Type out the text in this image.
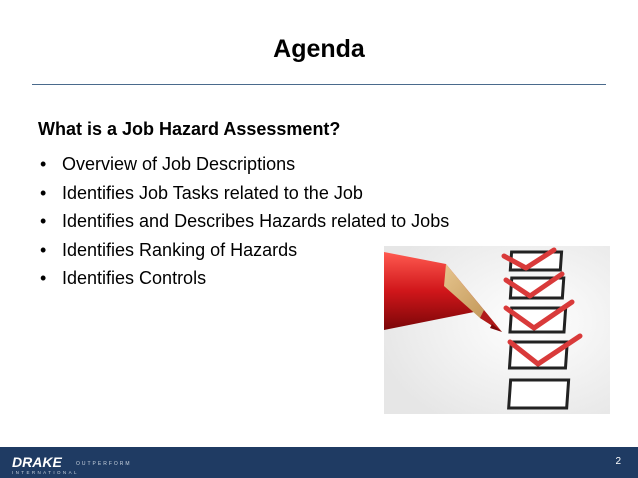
Agenda
What is a Job Hazard Assessment?
• Overview of Job Descriptions
• Identifies Job Tasks related to the Job
• Identifies and Describes Hazards related to Jobs
• Identifies Ranking of Hazards
• Identifies Controls
DRAKE	OUTPERFORM
INTERNATIONAL
2
